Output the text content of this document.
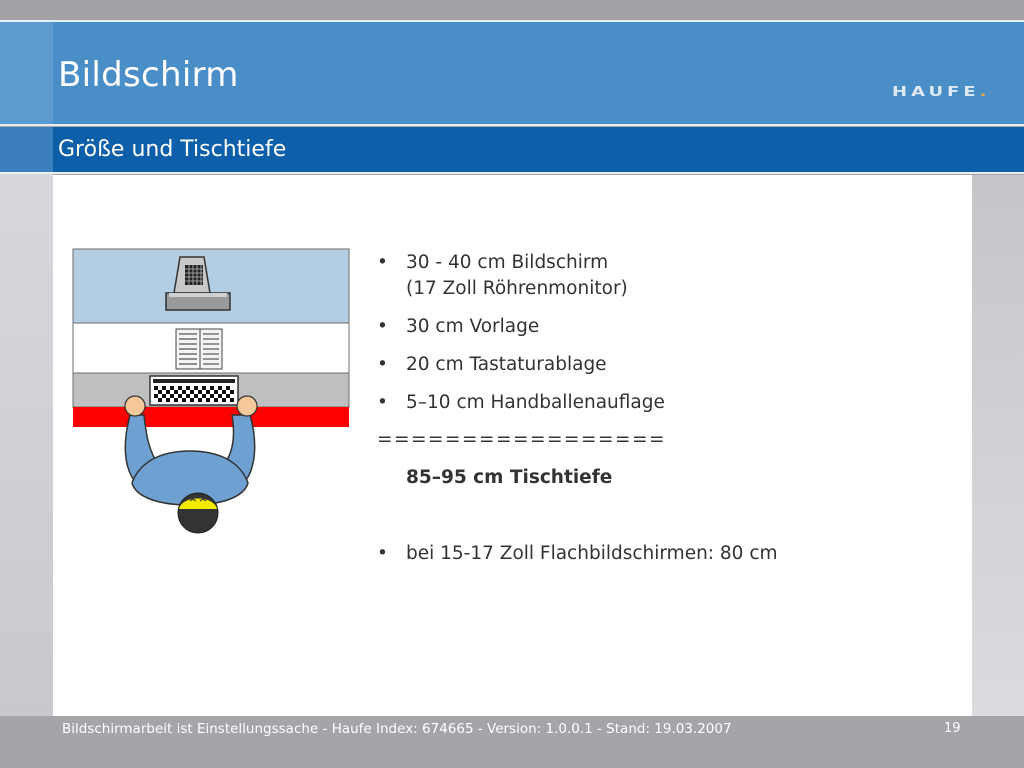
Bildschirm	HAUFE.
Größe und Tischtiefe
• 30 - 40 cm Bildschirm
(17 Zoll Röhrenmonitor)
• 30 cm Vorlage
• 20 cm Tastaturablage
• 5–10 cm Handballenauflage
=================
85–95 cm Tischtiefe
• bei 15-17 Zoll Flachbildschirmen: 80 cm
Bildschirmarbeit ist Einstellungssache - Haufe Index: 674665 - Version: 1.0.0.1 - Stand: 19.03.2007	19
